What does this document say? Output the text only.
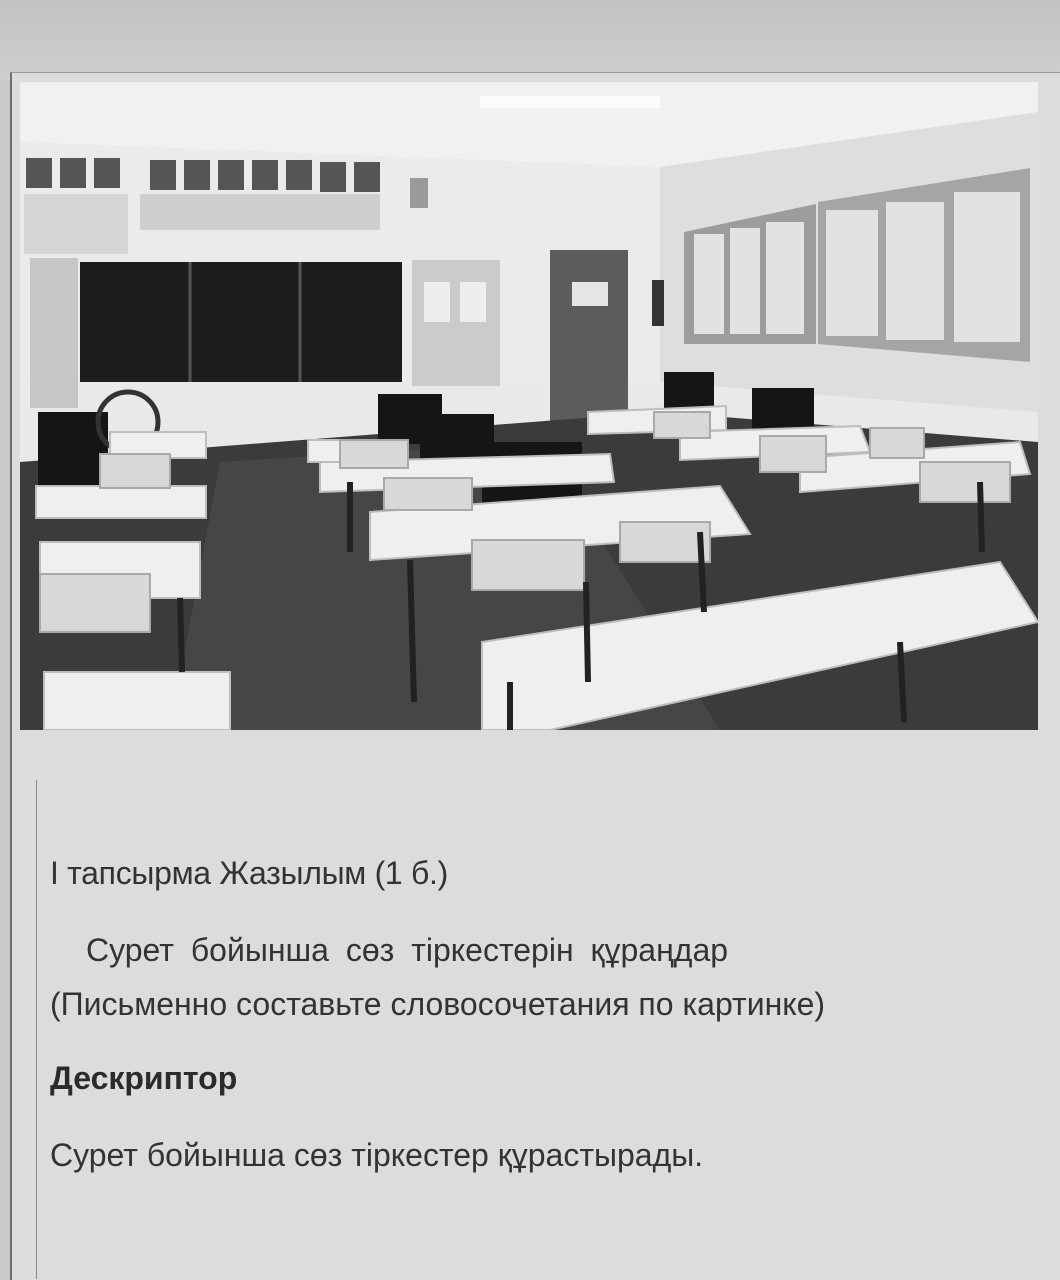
І тапсырма Жазылым (1 б.)
Сурет бойынша сөз тіркестерін құраңдар
(Письменно составьте словосочетания по картинке)
Дескриптор
Сурет бойынша сөз тіркестер құрастырады.
